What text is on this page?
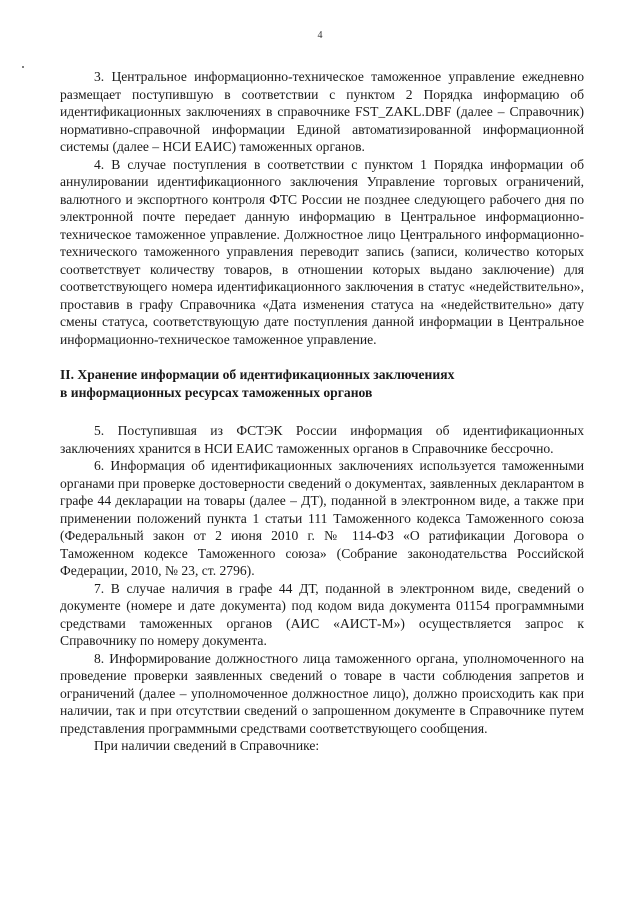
4

3. Центральное информационно-техническое таможенное управление ежедневно размещает поступившую в соответствии с пунктом 2 Порядка информацию об идентификационных заключениях в справочнике FST_ZAKL.DBF (далее – Справочник) нормативно-справочной информации Единой автоматизированной информационной системы (далее – НСИ ЕАИС) таможенных органов.

4. В случае поступления в соответствии с пунктом 1 Порядка информации об аннулировании идентификационного заключения Управление торговых ограничений, валютного и экспортного контроля ФТС России не позднее следующего рабочего дня по электронной почте передает данную информацию в Центральное информационно-техническое таможенное управление. Должностное лицо Центрального информационно-технического таможенного управления переводит запись (записи, количество которых соответствует количеству товаров, в отношении которых выдано заключение) для соответствующего номера идентификационного заключения в статус «недействительно», проставив в графу Справочника «Дата изменения статуса на «недействительно» дату смены статуса, соответствующую дате поступления данной информации в Центральное информационно-техническое таможенное управление.

II. Хранение информации об идентификационных заключениях
в информационных ресурсах таможенных органов

5. Поступившая из ФСТЭК России информация об идентификационных заключениях хранится в НСИ ЕАИС таможенных органов в Справочнике бессрочно.

6. Информация об идентификационных заключениях используется таможенными органами при проверке достоверности сведений о документах, заявленных декларантом в графе 44 декларации на товары (далее – ДТ), поданной в электронном виде, а также при применении положений пункта 1 статьи 111 Таможенного кодекса Таможенного союза (Федеральный закон от 2 июня 2010 г. № 114-ФЗ «О ратификации Договора о Таможенном кодексе Таможенного союза» (Собрание законодательства Российской Федерации, 2010, № 23, ст. 2796).

7. В случае наличия в графе 44 ДТ, поданной в электронном виде, сведений о документе (номере и дате документа) под кодом вида документа 01154 программными средствами таможенных органов (АИС «АИСТ-М») осуществляется запрос к Справочнику по номеру документа.

8. Информирование должностного лица таможенного органа, уполномоченного на проведение проверки заявленных сведений о товаре в части соблюдения запретов и ограничений (далее – уполномоченное должностное лицо), должно происходить как при наличии, так и при отсутствии сведений о запрошенном документе в Справочнике путем представления программными средствами соответствующего сообщения.

При наличии сведений в Справочнике:
